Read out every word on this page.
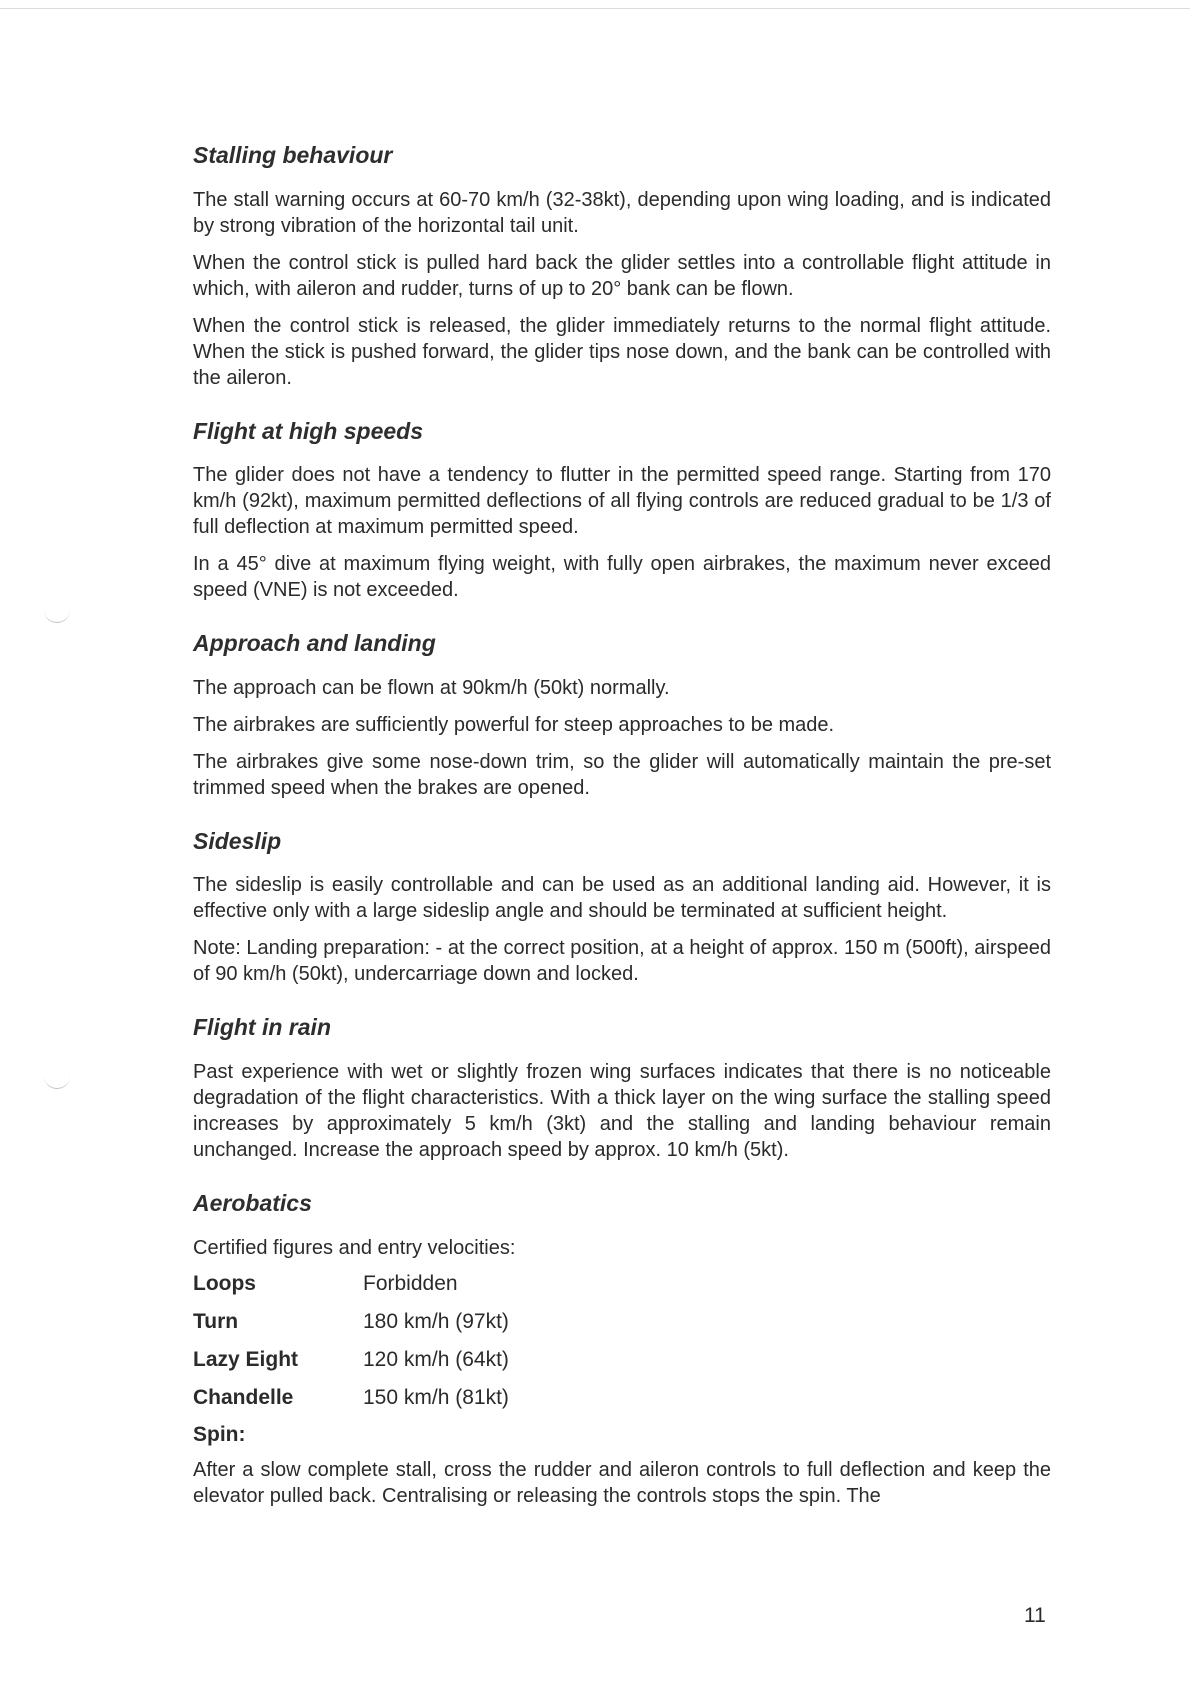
Stalling behaviour

The stall warning occurs at 60-70 km/h (32-38kt), depending upon wing loading, and is indicated by strong vibration of the horizontal tail unit.

When the control stick is pulled hard back the glider settles into a controllable flight attitude in which, with aileron and rudder, turns of up to 20° bank can be flown.

When the control stick is released, the glider immediately returns to the normal flight attitude. When the stick is pushed forward, the glider tips nose down, and the bank can be controlled with the aileron.

Flight at high speeds

The glider does not have a tendency to flutter in the permitted speed range. Starting from 170 km/h (92kt), maximum permitted deflections of all flying controls are reduced gradual to be 1/3 of full deflection at maximum permitted speed.

In a 45° dive at maximum flying weight, with fully open airbrakes, the maximum never exceed speed (VNE) is not exceeded.

Approach and landing

The approach can be flown at 90km/h (50kt) normally.

The airbrakes are sufficiently powerful for steep approaches to be made.

The airbrakes give some nose-down trim, so the glider will automatically maintain the pre-set trimmed speed when the brakes are opened.

Sideslip

The sideslip is easily controllable and can be used as an additional landing aid. However, it is effective only with a large sideslip angle and should be terminated at sufficient height.

Note: Landing preparation: - at the correct position, at a height of approx. 150 m (500ft), airspeed of 90 km/h (50kt), undercarriage down and locked.

Flight in rain

Past experience with wet or slightly frozen wing surfaces indicates that there is no noticeable degradation of the flight characteristics. With a thick layer on the wing surface the stalling speed increases by approximately 5 km/h (3kt) and the stalling and landing behaviour remain unchanged. Increase the approach speed by approx. 10 km/h (5kt).

Aerobatics

Certified figures and entry velocities:

Loops	Forbidden
Turn	180 km/h (97kt)
Lazy Eight	120 km/h (64kt)
Chandelle	150 km/h (81kt)
Spin:

After a slow complete stall, cross the rudder and aileron controls to full deflection and keep the elevator pulled back. Centralising or releasing the controls stops the spin. The

11
